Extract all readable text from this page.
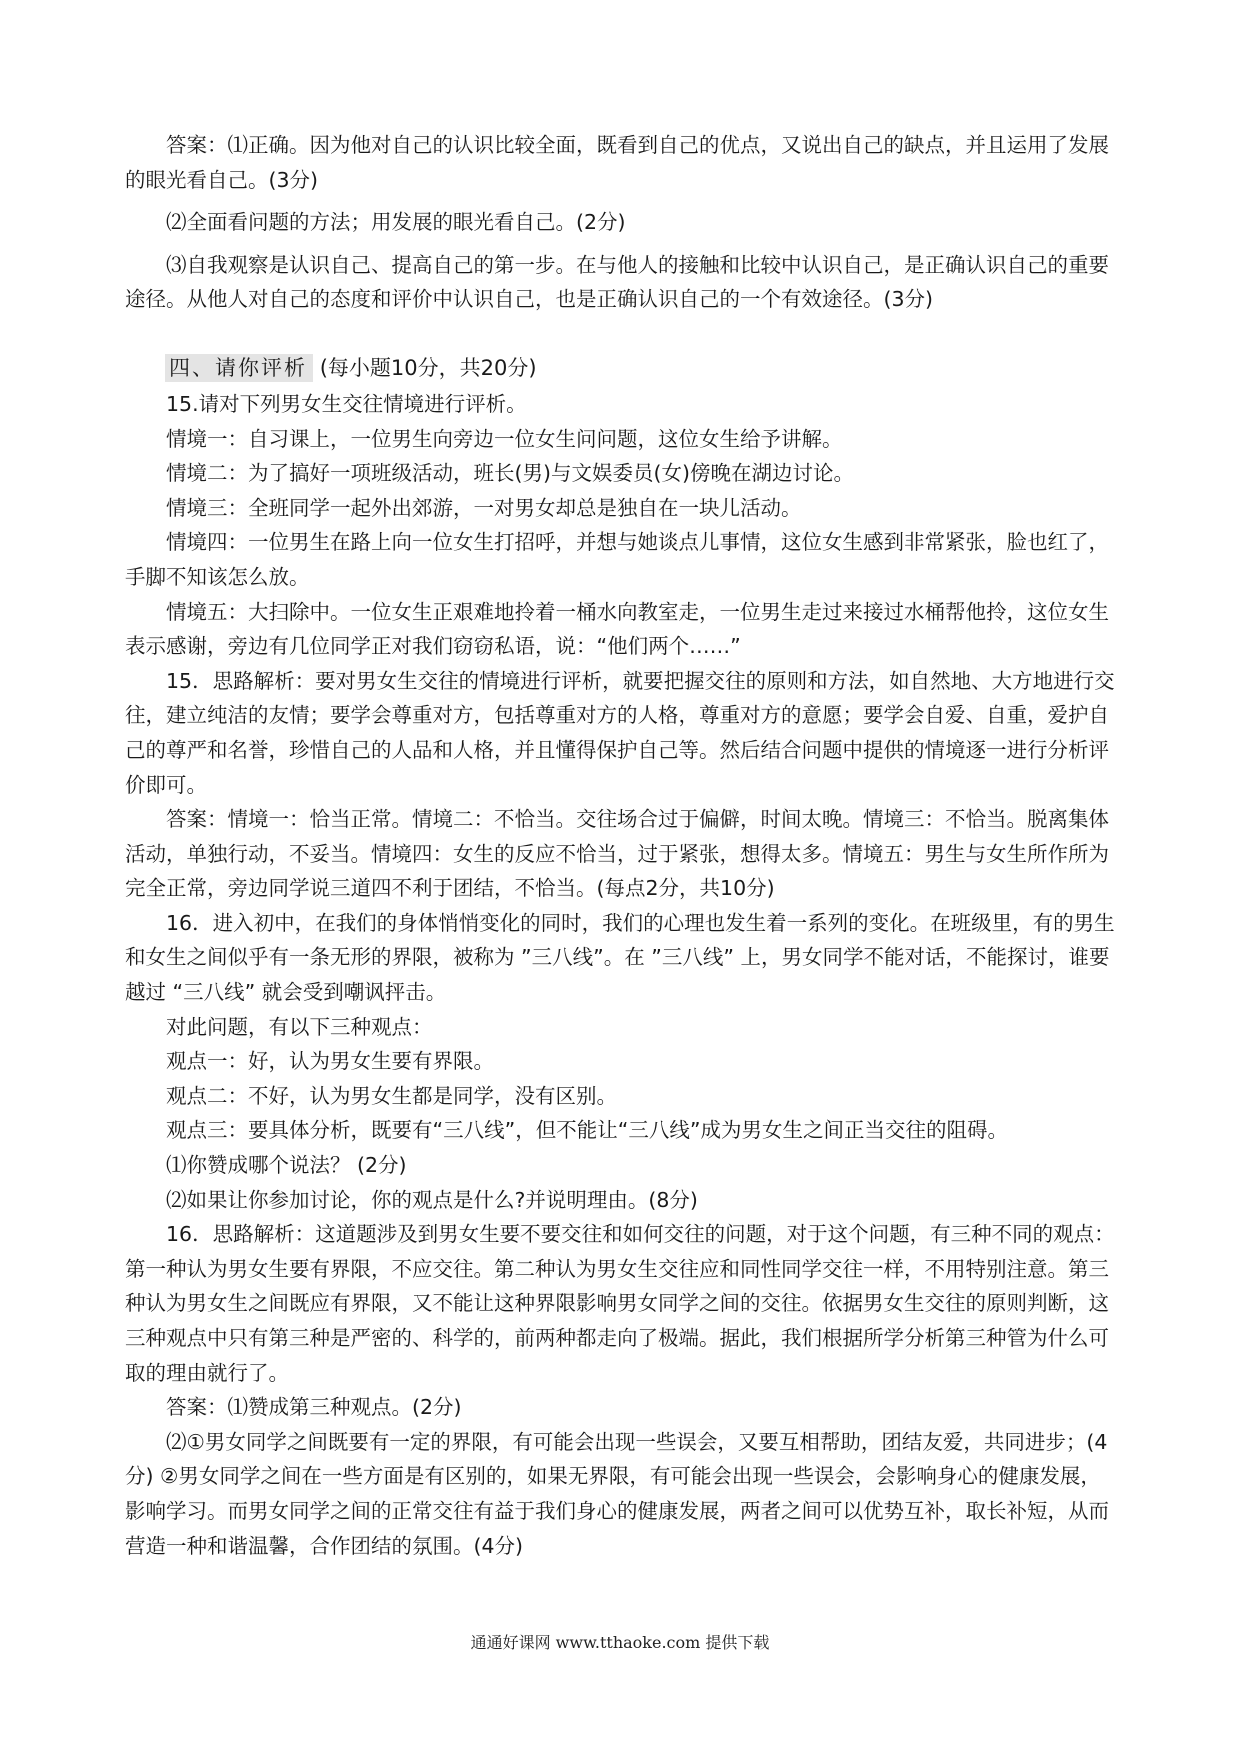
答案：⑴正确。因为他对自己的认识比较全面，既看到自己的优点，又说出自己的缺点，并且运用了发展的眼光看自己。(3分)

⑵全面看问题的方法；用发展的眼光看自己。(2分)

⑶自我观察是认识自己、提高自己的第一步。在与他人的接触和比较中认识自己，是正确认识自己的重要途径。从他人对自己的态度和评价中认识自己，也是正确认识自己的一个有效途径。(3分)

四、请你评析 (每小题10分，共20分)

15.请对下列男女生交往情境进行评析。

情境一：自习课上，一位男生向旁边一位女生问问题，这位女生给予讲解。

情境二：为了搞好一项班级活动，班长(男)与文娱委员(女)傍晚在湖边讨论。

情境三：全班同学一起外出郊游，一对男女却总是独自在一块儿活动。

情境四：一位男生在路上向一位女生打招呼，并想与她谈点儿事情，这位女生感到非常紧张，脸也红了，手脚不知该怎么放。

情境五：大扫除中。一位女生正艰难地拎着一桶水向教室走，一位男生走过来接过水桶帮他拎，这位女生表示感谢，旁边有几位同学正对我们窃窃私语，说：“他们两个……”

15．思路解析：要对男女生交往的情境进行评析，就要把握交往的原则和方法，如自然地、大方地进行交往，建立纯洁的友情；要学会尊重对方，包括尊重对方的人格，尊重对方的意愿；要学会自爱、自重，爱护自己的尊严和名誉，珍惜自己的人品和人格，并且懂得保护自己等。然后结合问题中提供的情境逐一进行分析评价即可。

答案：情境一：恰当正常。情境二：不恰当。交往场合过于偏僻，时间太晚。情境三：不恰当。脱离集体活动，单独行动，不妥当。情境四：女生的反应不恰当，过于紧张，想得太多。情境五：男生与女生所作所为完全正常，旁边同学说三道四不利于团结，不恰当。(每点2分，共10分)

16．进入初中，在我们的身体悄悄变化的同时，我们的心理也发生着一系列的变化。在班级里，有的男生和女生之间似乎有一条无形的界限，被称为 ”三八线”。在 ”三八线” 上，男女同学不能对话，不能探讨，谁要越过 “三八线” 就会受到嘲讽抨击。

对此问题，有以下三种观点：

观点一：好，认为男女生要有界限。

观点二：不好，认为男女生都是同学，没有区别。

观点三：要具体分析，既要有“三八线”，但不能让“三八线”成为男女生之间正当交往的阻碍。

⑴你赞成哪个说法？ (2分)

⑵如果让你参加讨论，你的观点是什么?并说明理由。(8分)

16．思路解析：这道题涉及到男女生要不要交往和如何交往的问题，对于这个问题，有三种不同的观点：第一种认为男女生要有界限，不应交往。第二种认为男女生交往应和同性同学交往一样，不用特别注意。第三种认为男女生之间既应有界限，又不能让这种界限影响男女同学之间的交往。依据男女生交往的原则判断，这三种观点中只有第三种是严密的、科学的，前两种都走向了极端。据此，我们根据所学分析第三种管为什么可取的理由就行了。

答案：⑴赞成第三种观点。(2分)

⑵①男女同学之间既要有一定的界限，有可能会出现一些误会，又要互相帮助，团结友爱，共同进步；(4分) ②男女同学之间在一些方面是有区别的，如果无界限，有可能会出现一些误会，会影响身心的健康发展，影响学习。而男女同学之间的正常交往有益于我们身心的健康发展，两者之间可以优势互补，取长补短，从而营造一种和谐温馨，合作团结的氛围。(4分)

通通好课网 www.tthaoke.com 提供下载
